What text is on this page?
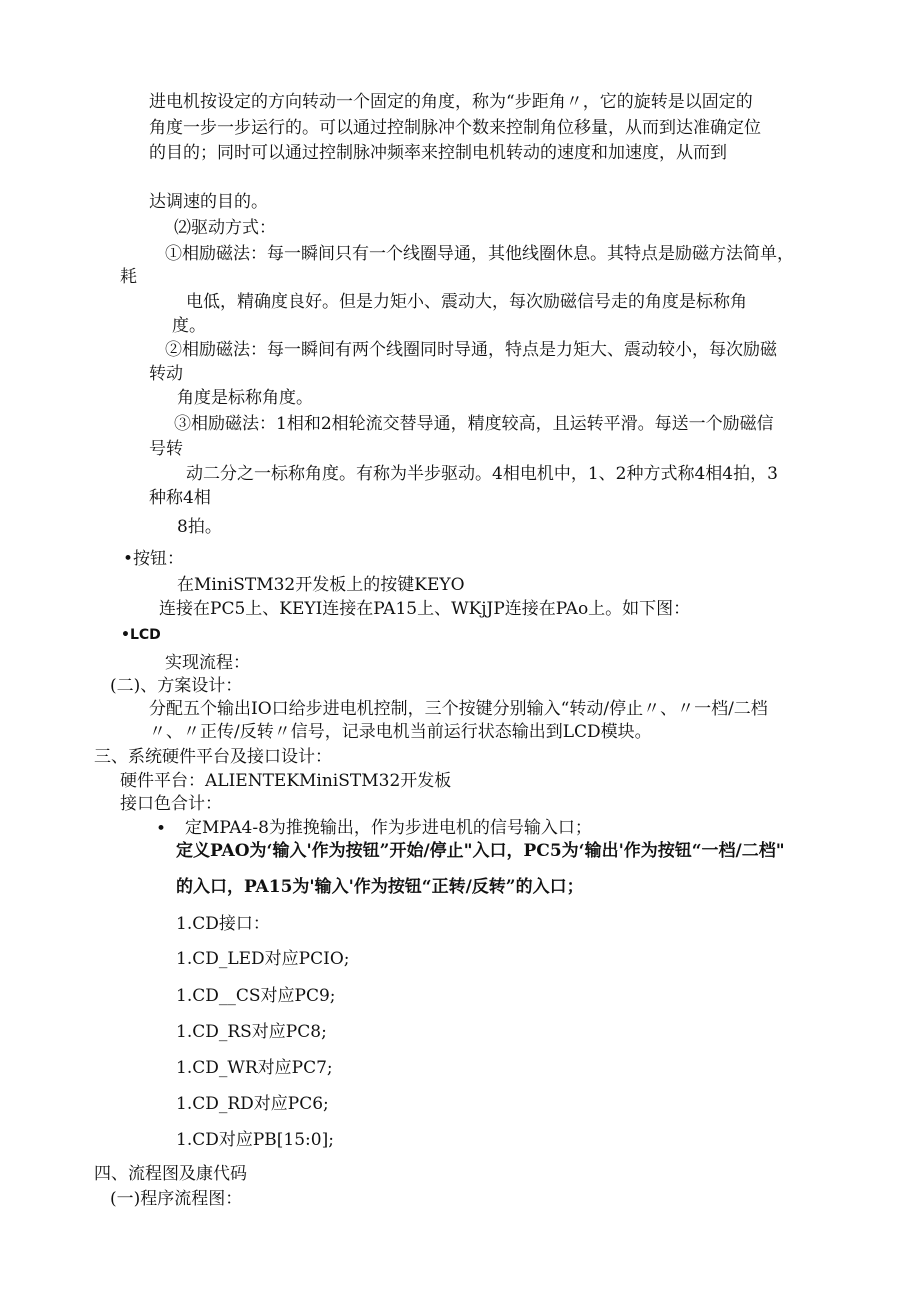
进电机按设定的方向转动一个固定的角度，称为“步距角〃，它的旋转是以固定的
角度一步一步运行的。可以通过控制脉冲个数来控制角位移量，从而到达准确定位
的目的；同时可以通过控制脉冲频率来控制电机转动的速度和加速度，从而到
达调速的目的。
⑵驱动方式：
①相励磁法：每一瞬间只有一个线圈导通，其他线圈休息。其特点是励磁方法简单，
耗
电低，精确度良好。但是力矩小、震动大，每次励磁信号走的角度是标称角
度。
②相励磁法：每一瞬间有两个线圈同时导通，特点是力矩大、震动较小，每次励磁
转动
角度是标称角度。
③相励磁法：1相和2相轮流交替导通，精度较高，且运转平滑。每送一个励磁信
号转
动二分之一标称角度。有称为半步驱动。4相电机中，1、2种方式称4相4拍，3
种称4相
8拍。
•按钮：
在MiniSTM32开发板上的按键KEYO
连接在PC5上、KEYI连接在PA15上、WKjJP连接在PAo上。如下图：
•LCD
实现流程：
(二)、方案设计：
分配五个输出IO口给步进电机控制，三个按键分别输入“转动/停止〃、〃一档/二档
〃、〃正传/反转〃信号，记录电机当前运行状态输出到LCD模块。
三、系统硬件平台及接口设计：
硬件平台：ALIENTEKMiniSTM32开发板
接口色合计：
• 定MPA4-8为推挽输出，作为步进电机的信号输入口；
定义PAO为‘输入'作为按钮”开始/停止"入口，PC5为‘输出'作为按钮“一档/二档"
的入口，PA15为'输入'作为按钮“正转/反转”的入口；
1.CD接口：
1.CD_LED对应PCIO;
1.CD__CS对应PC9;
1.CD_RS对应PC8;
1.CD_WR对应PC7;
1.CD_RD对应PC6;
1.CD对应PB[15:0];
四、流程图及康代码
(一)程序流程图：
